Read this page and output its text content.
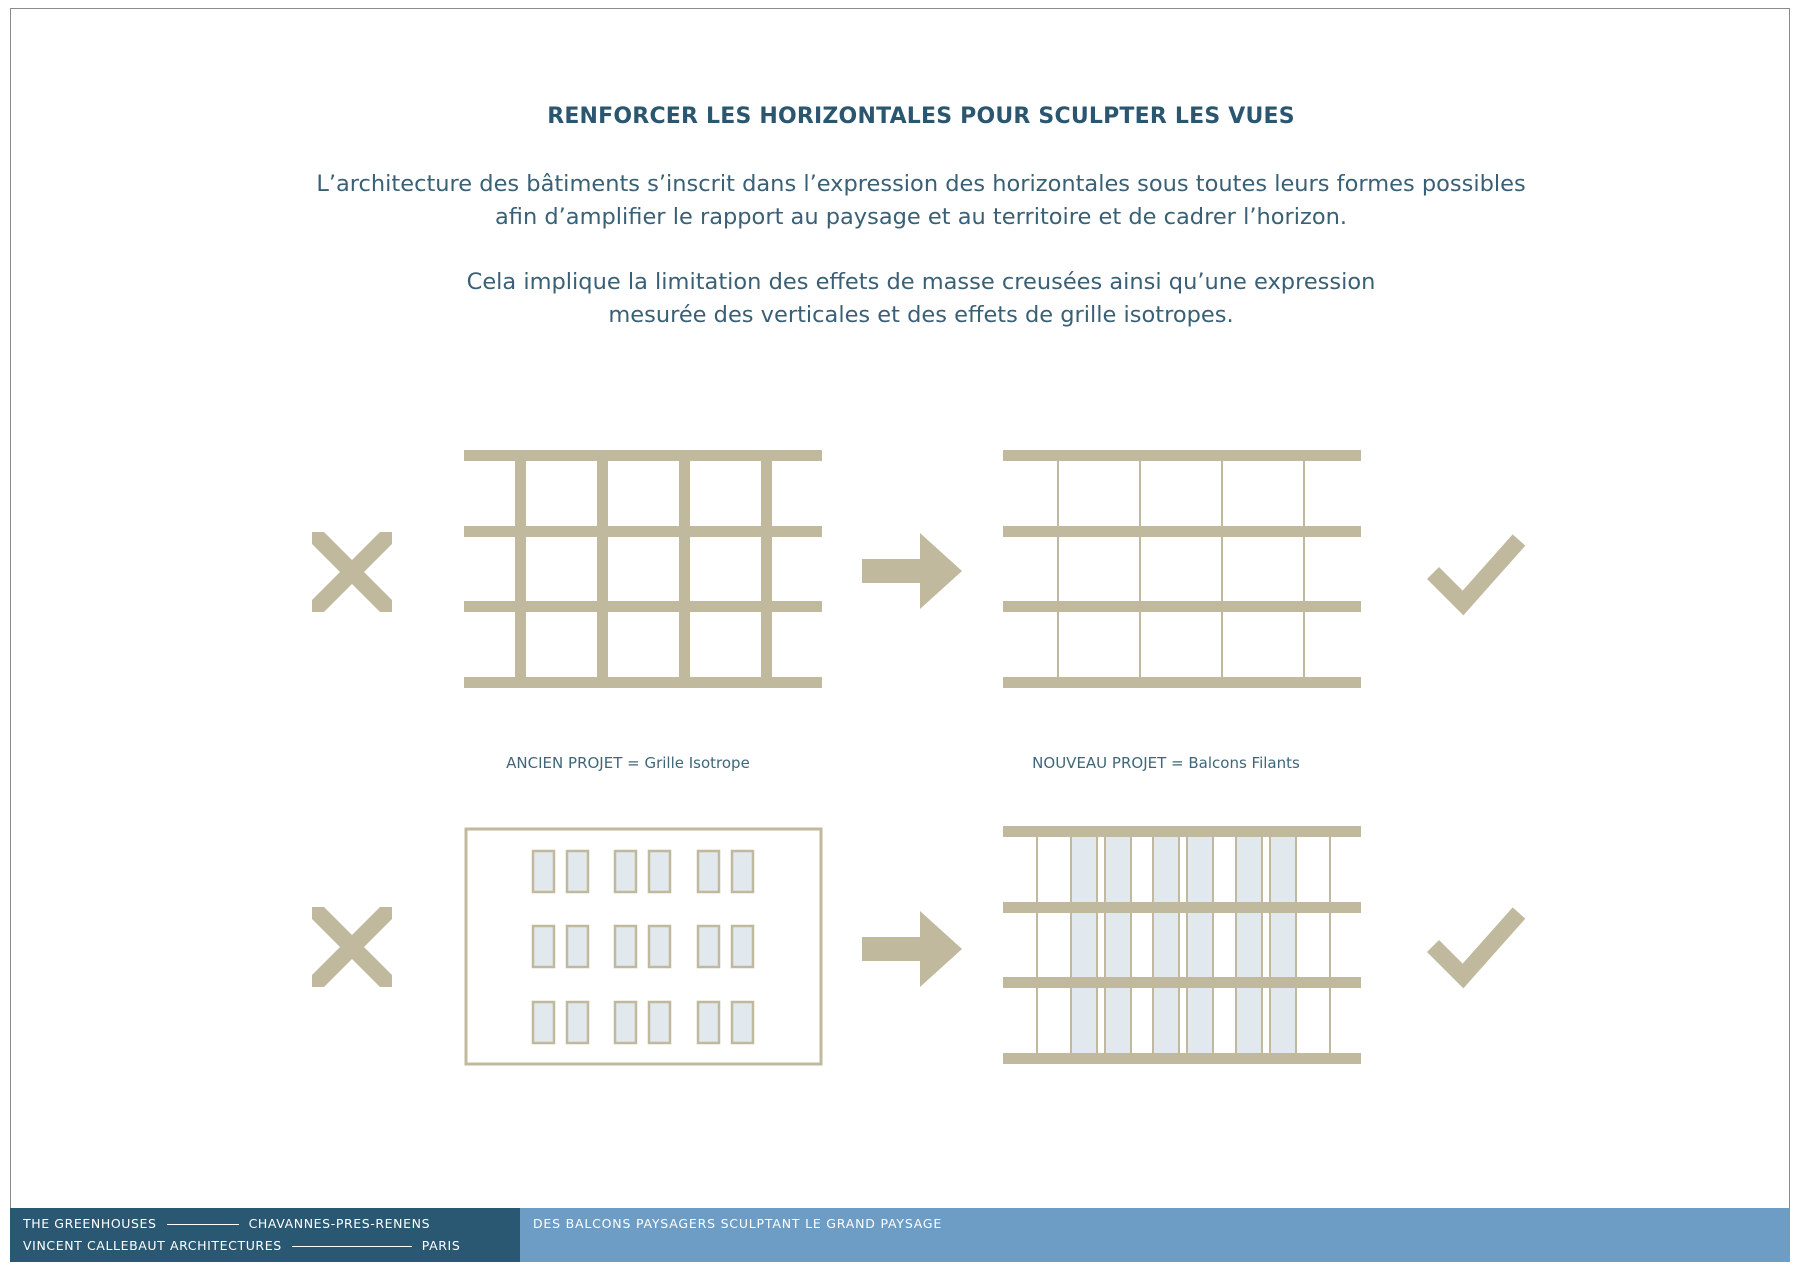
RENFORCER LES HORIZONTALES POUR SCULPTER LES VUES
L’architecture des bâtiments s’inscrit dans l’expression des horizontales sous toutes leurs formes possibles
afin d’amplifier le rapport au paysage et au territoire et de cadrer l’horizon.
Cela implique la limitation des effets de masse creusées ainsi qu’une expression
mesurée des verticales et des effets de grille isotropes.
ANCIEN PROJET = Grille Isotrope	NOUVEAU PROJET = Balcons Filants
THE GREENHOUSES	CHAVANNES-PRES-RENENS
VINCENT CALLEBAUT ARCHITECTURES	PARIS
DES BALCONS PAYSAGERS SCULPTANT LE GRAND PAYSAGE
